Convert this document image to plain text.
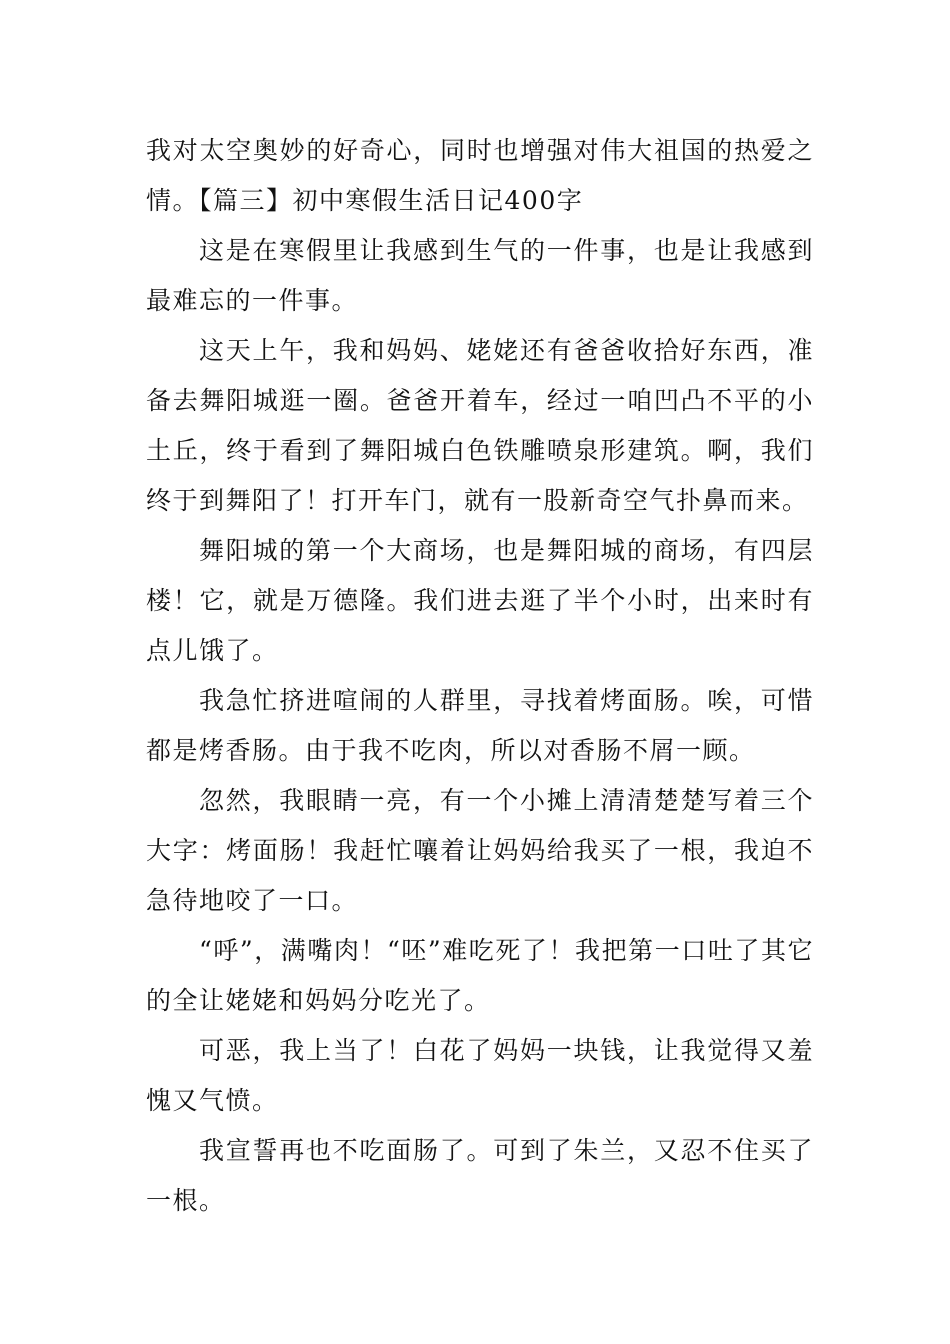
我对太空奥妙的好奇心，同时也增强对伟大祖国的热爱之情。【篇三】初中寒假生活日记400字

这是在寒假里让我感到生气的一件事，也是让我感到最难忘的一件事。

这天上午，我和妈妈、姥姥还有爸爸收拾好东西，准备去舞阳城逛一圈。爸爸开着车，经过一咱凹凸不平的小土丘，终于看到了舞阳城白色铁雕喷泉形建筑。啊，我们终于到舞阳了！打开车门，就有一股新奇空气扑鼻而来。

舞阳城的第一个大商场，也是舞阳城的商场，有四层楼！它，就是万德隆。我们进去逛了半个小时，出来时有点儿饿了。

我急忙挤进喧闹的人群里，寻找着烤面肠。唉，可惜都是烤香肠。由于我不吃肉，所以对香肠不屑一顾。

忽然，我眼睛一亮，有一个小摊上清清楚楚写着三个大字：烤面肠！我赶忙嚷着让妈妈给我买了一根，我迫不急待地咬了一口。

“呼”，满嘴肉！“呸”难吃死了！我把第一口吐了其它的全让姥姥和妈妈分吃光了。

可恶，我上当了！白花了妈妈一块钱，让我觉得又羞愧又气愤。

我宣誓再也不吃面肠了。可到了朱兰，又忍不住买了一根。
